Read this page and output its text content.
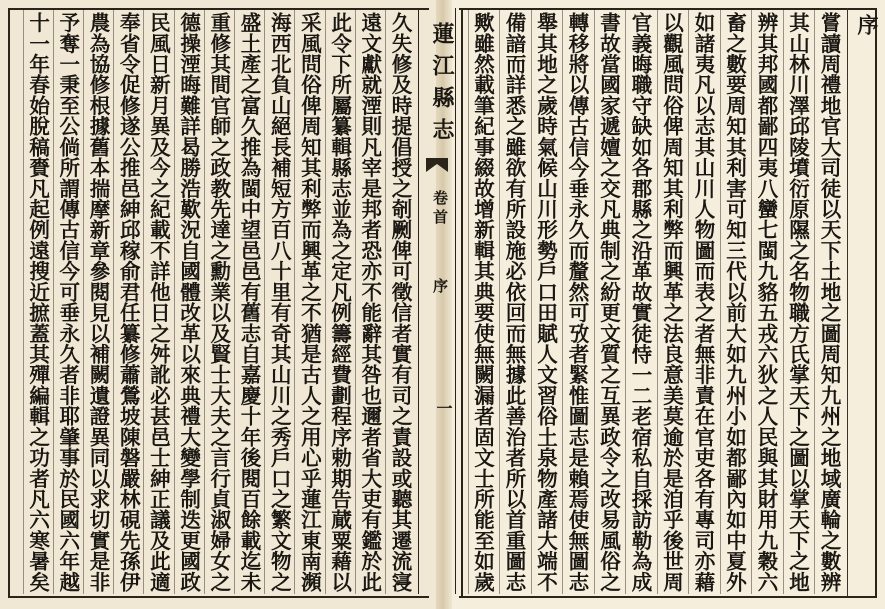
蓮江縣志
卷首
序
一
序
嘗讀周禮地官大司徒以天下土地之圖周知九州之地域廣輪之數辨
其山林川澤邱陵墳衍原隰之名物職方氏掌天下之圖以掌天下之地
辨其邦國都鄙四夷八蠻七閩九貉五戎六狄之人民與其財用九穀六
畜之數要周知其利害可知三代以前大如九州小如都鄙內如中夏外
如諸夷凡以志其山川人物圖而表之者無非責在官吏各有專司亦藉
以觀風問俗俾周知其利弊而興革之法良意美莫逾於是洎乎後世周
官義晦職守缺如各郡縣之沿革故實徒恃一二老宿私自採訪勒為成
書故當國家遞嬗之交凡典制之紛更文質之互異政令之改易風俗之
轉移將以傳古信今垂永久而釐然可攷者緊惟圖志是賴焉使無圖志
舉其地之歲時氣候山川形勢戶口田賦人文習俗土泉物產諸大端不
備諳而詳悉之雖欲有所設施必依回而無據此善治者所以首重圖志
歟雖然載筆紀事綴故增新輯其典要使無闕漏者固文士所能至如歲
久失修及時提倡授之剞劂俾可徵信者實有司之責設或聽其遷流寖
遠文獻就湮則凡宰是邦者恐亦不能辭其咎也邇者省大吏有鑑於此
此令下所屬纂輯縣志並為之定凡例籌經費劃程序勅期告蕆粟藉以
采風問俗俾周知其利弊而興革之不猶是古人之用心乎蓮江東南瀕
海西北負山絕長補短方百八十里有奇其山川之秀戶口之繁文物之
盛土產之富久推為閩中望邑邑有舊志自嘉慶十年後閱百餘載迄未
重修其間官師之政教先達之勳業以及賢士大夫之言行貞淑婦女之
德操湮晦難詳曷勝浩歎況自國體改革以來典禮大變學制迭更國政
民風日新月異及今之紀載不詳他日之舛訛必甚邑士紳正議及此適
奉省令促修遂公推邑紳邱稼俞君任纂修蕭鶯坡陳磐嚴林硯先孫伊
農為協修根據舊本揣摩新章參閱見以補闕遺證異同以求切實是非
予奪一秉至公倘所謂傳古信今可垂永久者非耶肇事於民國六年越
十一年春始脫稿賚凡起例遠搜近摭蓋其殫編輯之功者凡六寒暑矣
